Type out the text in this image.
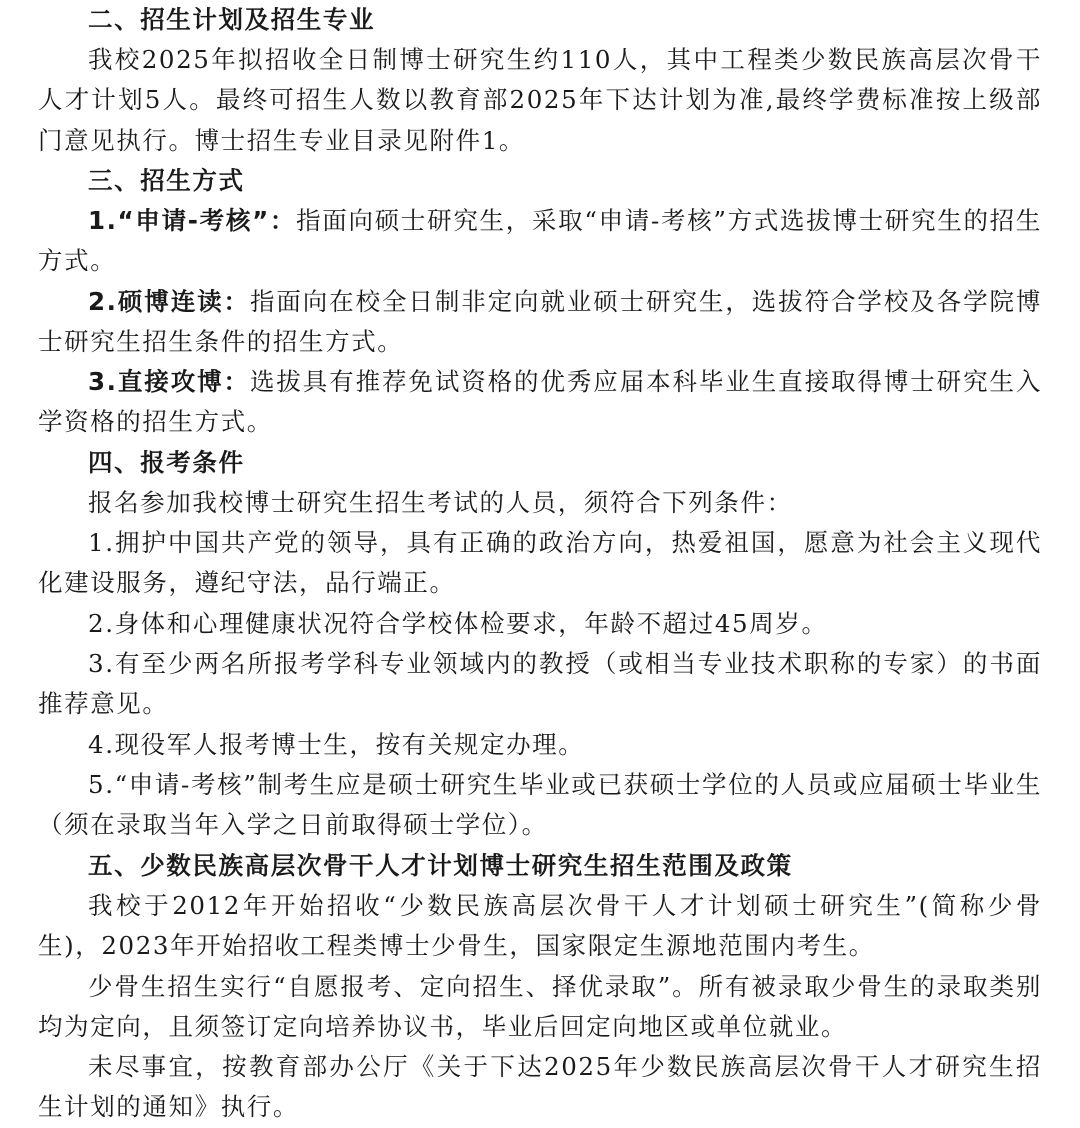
二、招生计划及招生专业
我校2025年拟招收全日制博士研究生约110人，其中工程类少数民族高层次骨干人才计划5人。最终可招生人数以教育部2025年下达计划为准,最终学费标准按上级部门意见执行。博士招生专业目录见附件1。
三、招生方式
1.“申请-考核”：指面向硕士研究生，采取“申请-考核”方式选拔博士研究生的招生方式。
2.硕博连读：指面向在校全日制非定向就业硕士研究生，选拔符合学校及各学院博士研究生招生条件的招生方式。
3.直接攻博：选拔具有推荐免试资格的优秀应届本科毕业生直接取得博士研究生入学资格的招生方式。
四、报考条件
报名参加我校博士研究生招生考试的人员，须符合下列条件：
1.拥护中国共产党的领导，具有正确的政治方向，热爱祖国，愿意为社会主义现代化建设服务，遵纪守法，品行端正。
2.身体和心理健康状况符合学校体检要求，年龄不超过45周岁。
3.有至少两名所报考学科专业领域内的教授（或相当专业技术职称的专家）的书面推荐意见。
4.现役军人报考博士生，按有关规定办理。
5.“申请-考核”制考生应是硕士研究生毕业或已获硕士学位的人员或应届硕士毕业生（须在录取当年入学之日前取得硕士学位）。
五、少数民族高层次骨干人才计划博士研究生招生范围及政策
我校于2012年开始招收“少数民族高层次骨干人才计划硕士研究生”(简称少骨生)，2023年开始招收工程类博士少骨生，国家限定生源地范围内考生。
少骨生招生实行“自愿报考、定向招生、择优录取”。所有被录取少骨生的录取类别均为定向，且须签订定向培养协议书，毕业后回定向地区或单位就业。
未尽事宜，按教育部办公厅《关于下达2025年少数民族高层次骨干人才研究生招生计划的通知》执行。
